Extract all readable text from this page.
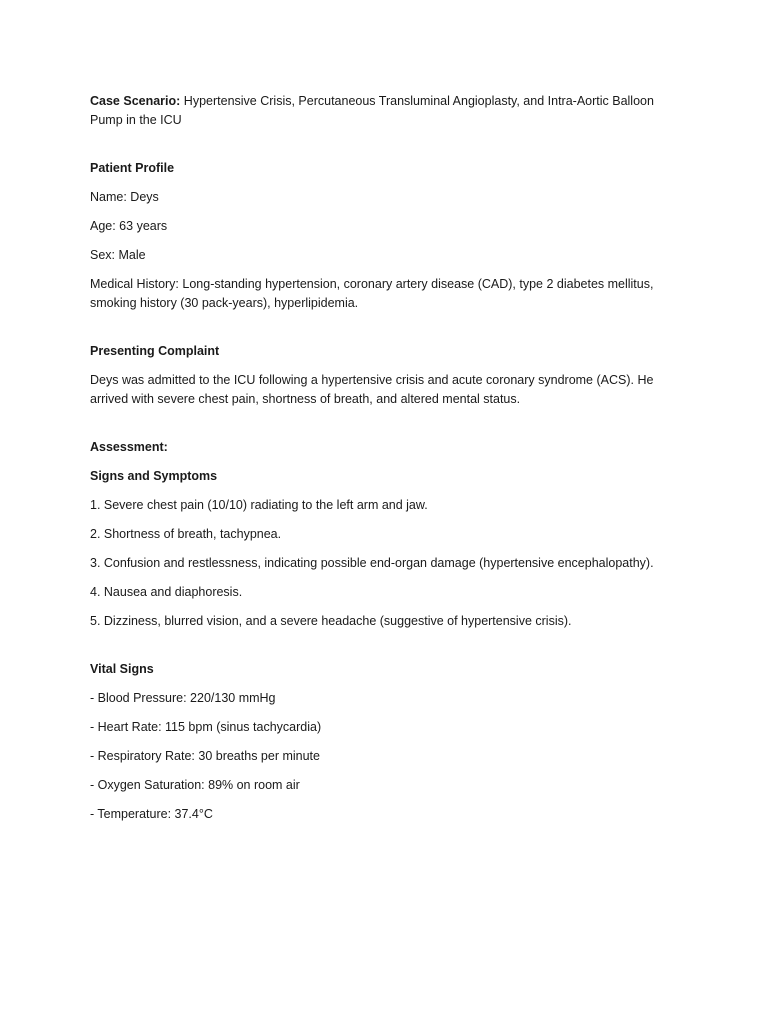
Case Scenario: Hypertensive Crisis, Percutaneous Transluminal Angioplasty, and Intra-Aortic Balloon Pump in the ICU

Patient Profile

Name: Deys

Age: 63 years

Sex: Male

Medical History: Long-standing hypertension, coronary artery disease (CAD), type 2 diabetes mellitus, smoking history (30 pack-years), hyperlipidemia.

Presenting Complaint

Deys was admitted to the ICU following a hypertensive crisis and acute coronary syndrome (ACS). He arrived with severe chest pain, shortness of breath, and altered mental status.

Assessment:

Signs and Symptoms

1. Severe chest pain (10/10) radiating to the left arm and jaw.

2. Shortness of breath, tachypnea.

3. Confusion and restlessness, indicating possible end-organ damage (hypertensive encephalopathy).

4. Nausea and diaphoresis.

5. Dizziness, blurred vision, and a severe headache (suggestive of hypertensive crisis).

Vital Signs

- Blood Pressure: 220/130 mmHg

- Heart Rate: 115 bpm (sinus tachycardia)

- Respiratory Rate: 30 breaths per minute

- Oxygen Saturation: 89% on room air

- Temperature: 37.4°C
